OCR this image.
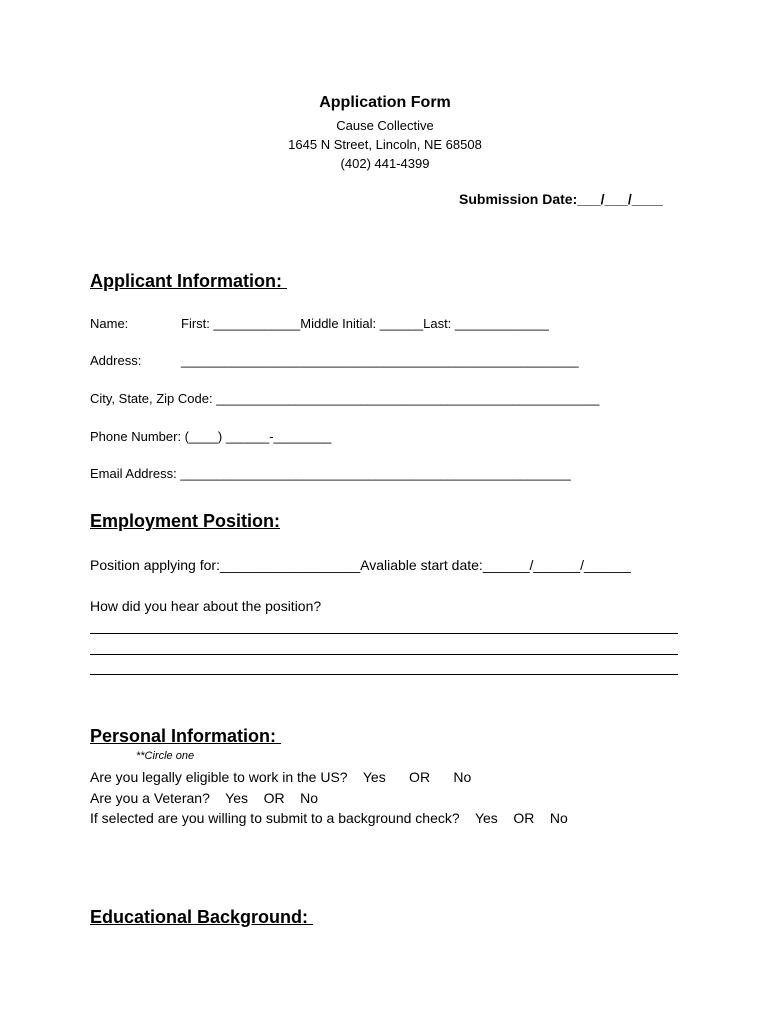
Application Form
Cause Collective
1645 N Street, Lincoln, NE 68508
(402) 441-4399
Submission Date:___/___/____
Applicant Information:
Name:	First: ____________Middle Initial: ______Last: _____________
Address:	_______________________________________________________
City, State, Zip Code: _____________________________________________________
Phone Number: (____) ______-________
Email Address: ______________________________________________________
Employment Position:
Position applying for:__________________Avaliable start date:______/______/______
How did you hear about the position?
Personal Information:
**Circle one
Are you legally eligible to work in the US?    Yes      OR      No
Are you a Veteran?    Yes    OR    No
If selected are you willing to submit to a background check?    Yes    OR    No
Educational Background:
